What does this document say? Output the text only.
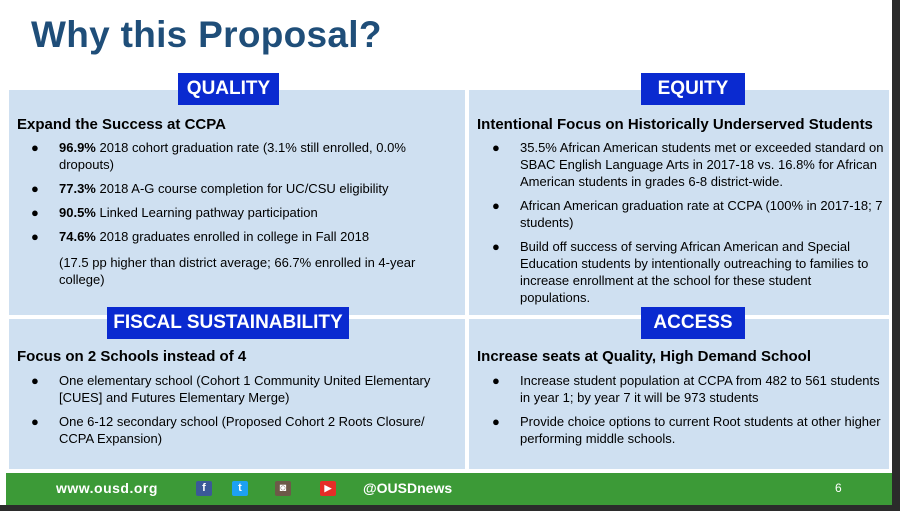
Why this Proposal?
QUALITY
Expand the Success at CCPA
● 96.9% 2018 cohort graduation rate (3.1% still enrolled, 0.0% dropouts)
● 77.3% 2018 A-G course completion for UC/CSU eligibility
● 90.5% Linked Learning pathway participation
● 74.6% 2018 graduates enrolled in college in Fall 2018
(17.5 pp higher than district average; 66.7% enrolled in 4-year college)
EQUITY
Intentional Focus on Historically Underserved Students
● 35.5% African American students met or exceeded standard on SBAC English Language Arts in 2017-18 vs. 16.8% for African American students in grades 6-8 district-wide.
● African American graduation rate at CCPA (100% in 2017-18; 7 students)
● Build off success of serving African American and Special Education students by intentionally outreaching to families to increase enrollment at the school for these student populations.
FISCAL SUSTAINABILITY
Focus on 2 Schools instead of 4
● One elementary school (Cohort 1 Community United Elementary [CUES] and Futures Elementary Merge)
● One 6-12 secondary school (Proposed Cohort 2 Roots Closure/ CCPA Expansion)
ACCESS
Increase seats at Quality, High Demand School
● Increase student population at CCPA from 482 to 561 students in year 1; by year 7 it will be 973 students
● Provide choice options to current Root students at other higher performing middle schools.
www.ousd.org	f	t	◙	▶	@OUSDnews	6
